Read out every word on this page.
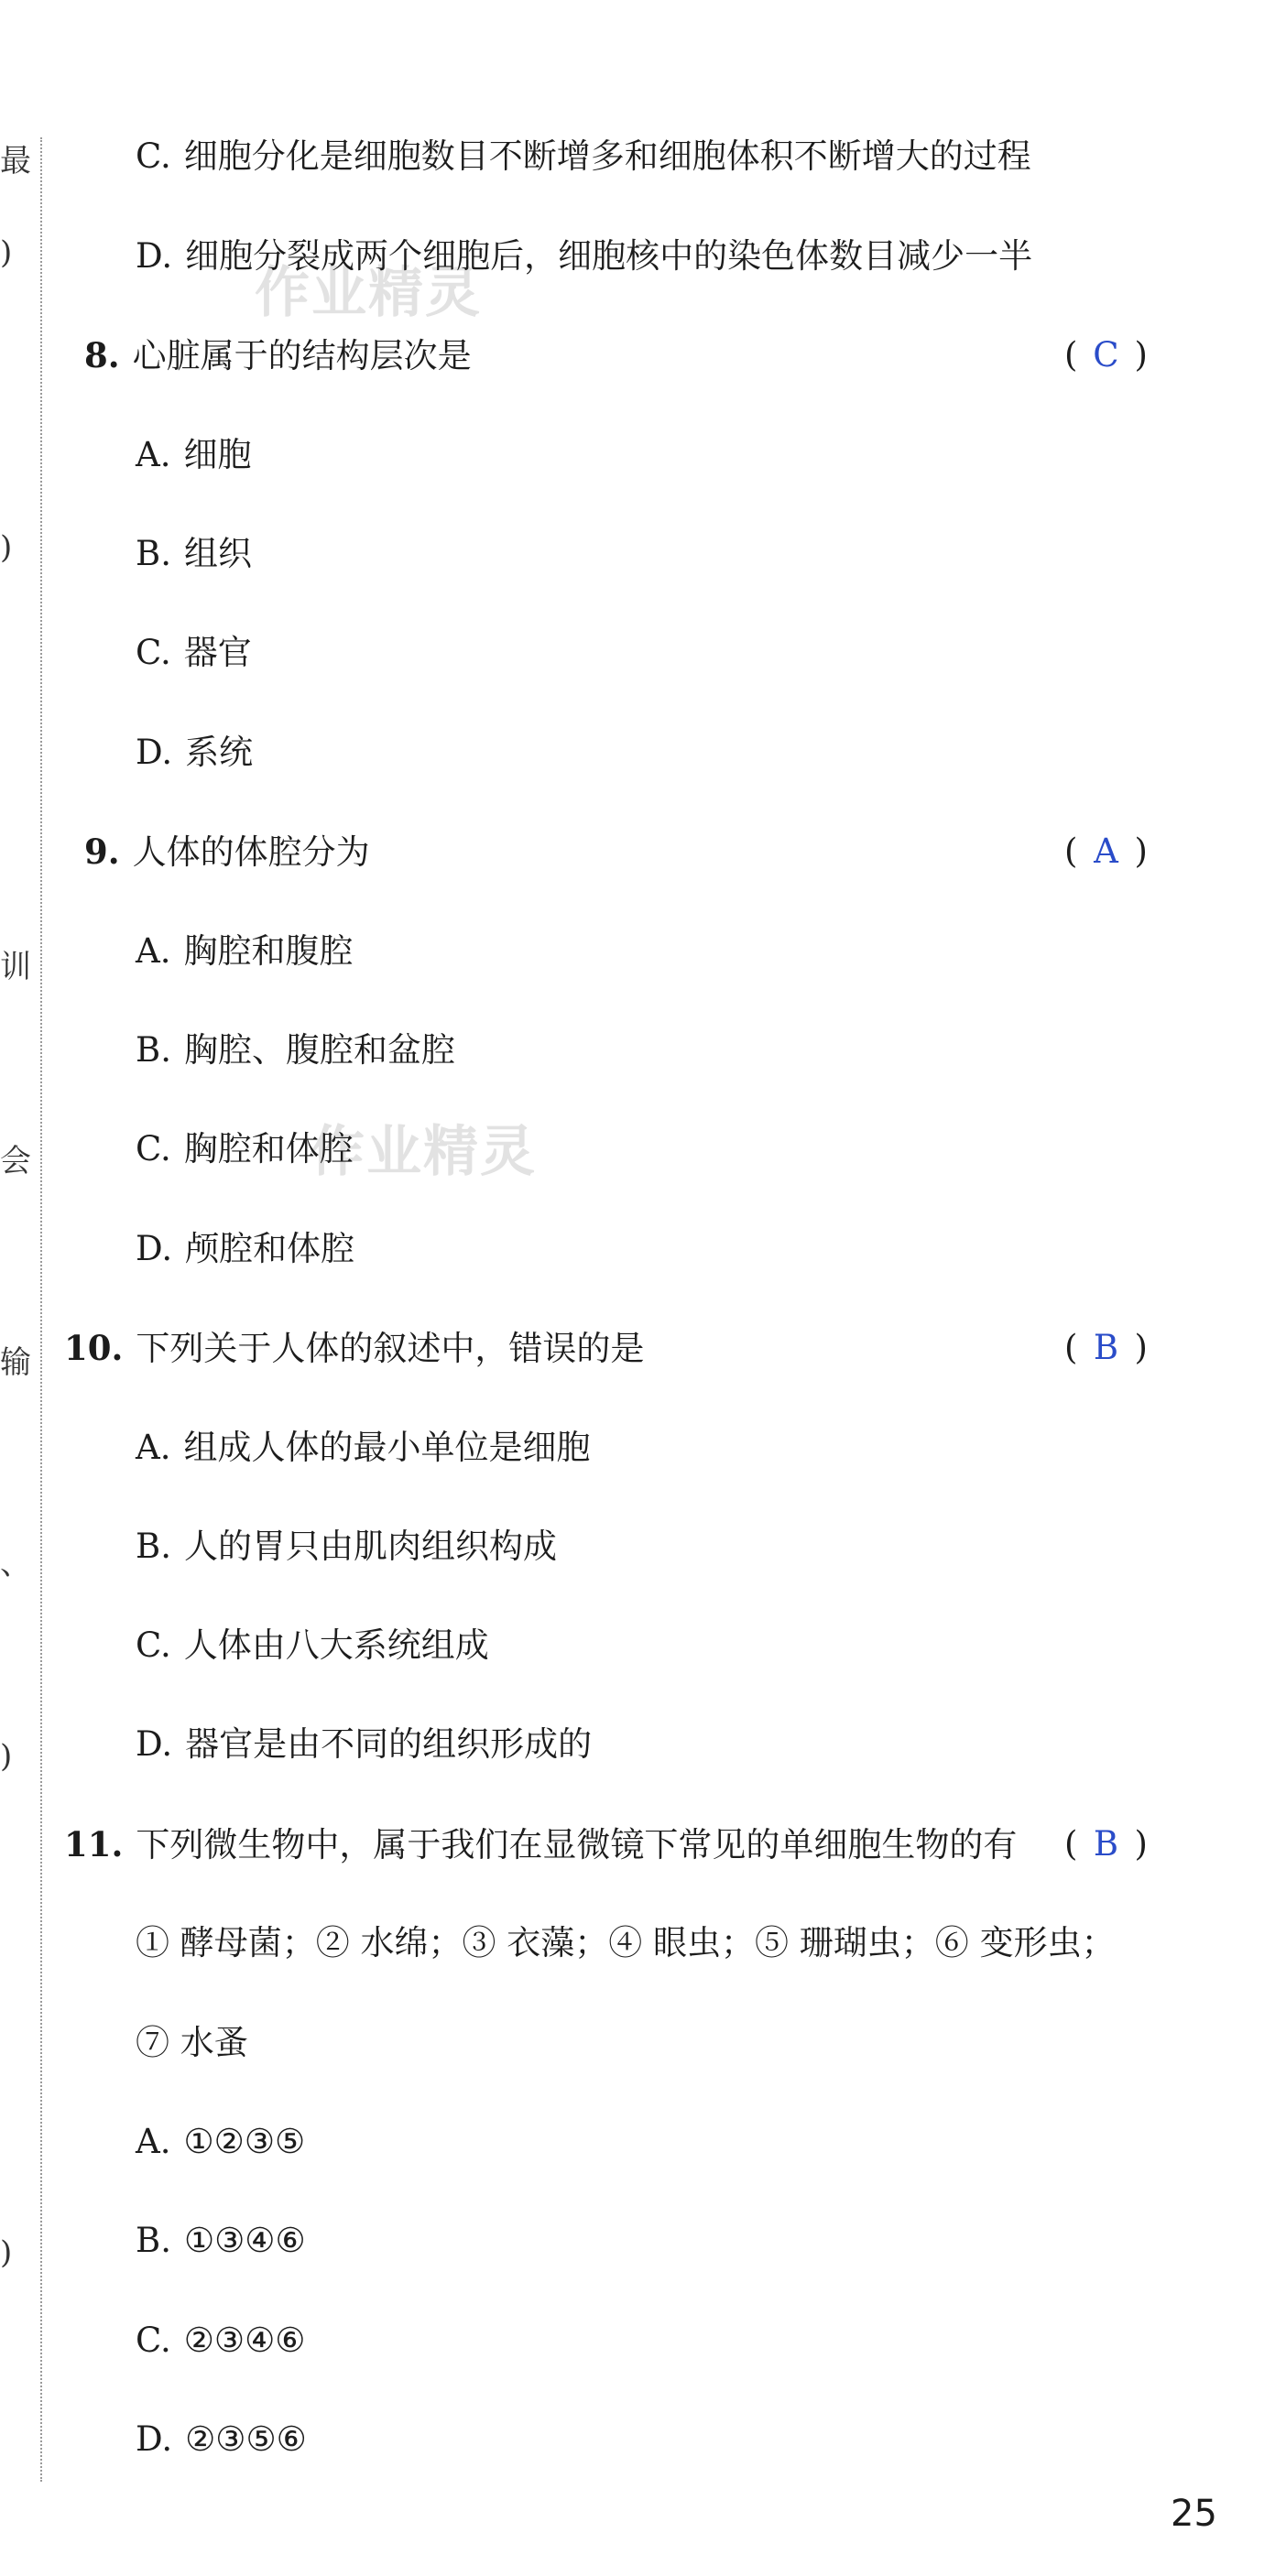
最
)
)
训
会
输
、
)
)
作业精灵
作业精灵
C. 细胞分化是细胞数目不断增多和细胞体积不断增大的过程
D. 细胞分裂成两个细胞后，细胞核中的染色体数目减少一半
8. 心脏属于的结构层次是	( C )
A. 细胞
B. 组织
C. 器官
D. 系统
9. 人体的体腔分为	( A )
A. 胸腔和腹腔
B. 胸腔、腹腔和盆腔
C. 胸腔和体腔
D. 颅腔和体腔
10. 下列关于人体的叙述中，错误的是	( B )
A. 组成人体的最小单位是细胞
B. 人的胃只由肌肉组织构成
C. 人体由八大系统组成
D. 器官是由不同的组织形成的
11. 下列微生物中，属于我们在显微镜下常见的单细胞生物的有 ( B )
① 酵母菌；② 水绵；③ 衣藻；④ 眼虫；⑤ 珊瑚虫；⑥ 变形虫；
⑦ 水蚤
A. ①②③⑤
B. ①③④⑥
C. ②③④⑥
D. ②③⑤⑥
25
